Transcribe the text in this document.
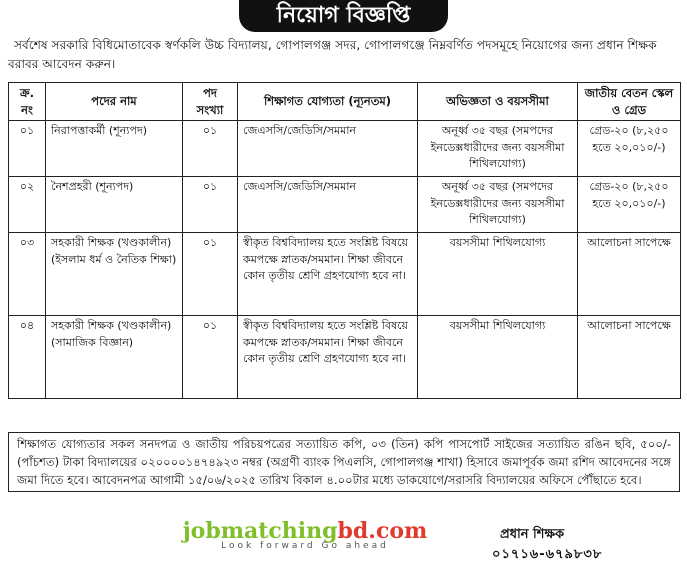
নিয়োগ বিজ্ঞপ্তি
সর্বশেষ সরকারি বিধিমোতাবেক স্বর্ণকলি উচ্চ বিদ্যালয়, গোপালগঞ্জ সদর, গোপালগঞ্জে নিম্নবর্ণিত পদসমূহে নিয়োগের জন্য প্রধান শিক্ষক বরাবর আবেদন করুন।
ক্র. নং	পদের নাম	পদ সংখ্যা	শিক্ষাগত যোগ্যতা (ন্যূনতম)	অভিজ্ঞতা ও বয়সসীমা	জাতীয় বেতন স্কেল ও গ্রেড
০১	নিরাপত্তাকর্মী (শূন্যপদ)	০১	জেএসসি/জেডিসি/সমমান	অনূর্ধ্ব ৩৫ বছর (সমপদের ইনডেক্সধারীদের জন্য বয়সসীমা শিথিলযোগ্য)	গ্রেড-২০ (৮,২৫০ হতে ২০,০১০/-)
০২	নৈশপ্রহরী (শূন্যপদ)	০১	জেএসসি/জেডিসি/সমমান	অনূর্ধ্ব ৩৫ বছর (সমপদের ইনডেক্সধারীদের জন্য বয়সসীমা শিথিলযোগ্য)	গ্রেড-২০ (৮,২৫০ হতে ২০,০১০/-)
০৩	সহকারী শিক্ষক (খণ্ডকালীন) (ইসলাম ধর্ম ও নৈতিক শিক্ষা)	০১	স্বীকৃত বিশ্ববিদ্যালয় হতে সংশ্লিষ্ট বিষয়ে কমপক্ষে স্নাতক/সমমান। শিক্ষা জীবনে কোন তৃতীয় শ্রেণি গ্রহণযোগ্য হবে না।	বয়সসীমা শিথিলযোগ্য	আলোচনা সাপেক্ষে
০৪	সহকারী শিক্ষক (খণ্ডকালীন) (সামাজিক বিজ্ঞান)	০১	স্বীকৃত বিশ্ববিদ্যালয় হতে সংশ্লিষ্ট বিষয়ে কমপক্ষে স্নাতক/সমমান। শিক্ষা জীবনে কোন তৃতীয় শ্রেণি গ্রহণযোগ্য হবে না।	বয়সসীমা শিথিলযোগ্য	আলোচনা সাপেক্ষে
শিক্ষাগত যোগ্যতার সকল সনদপত্র ও জাতীয় পরিচয়পত্রের সত্যায়িত কপি, ০৩ (তিন) কপি পাসপোর্ট সাইজের সত্যায়িত রঙিন ছবি, ৫০০/- (পাঁচশত) টাকা বিদ্যালয়ের ০২০০০০১৪৭৪৯২৩ নম্বর (অগ্রণী ব্যাংক পিএলসি, গোপালগঞ্জ শাখা) হিসাবে জমাপূর্বক জমা রশিদ আবেদনের সঙ্গে জমা দিতে হবে। আবেদনপত্র আগামী ১৫/০৬/২০২৫ তারিখ বিকাল ৪.০০টার মধ্যে ডাকযোগে/সরাসরি বিদ্যালয়ের অফিসে পৌঁছাতে হবে।
jobmatchingbd.com
Look forward Go ahead
প্রধান শিক্ষক
০১৭১৬-৬৭৯৮৩৮
